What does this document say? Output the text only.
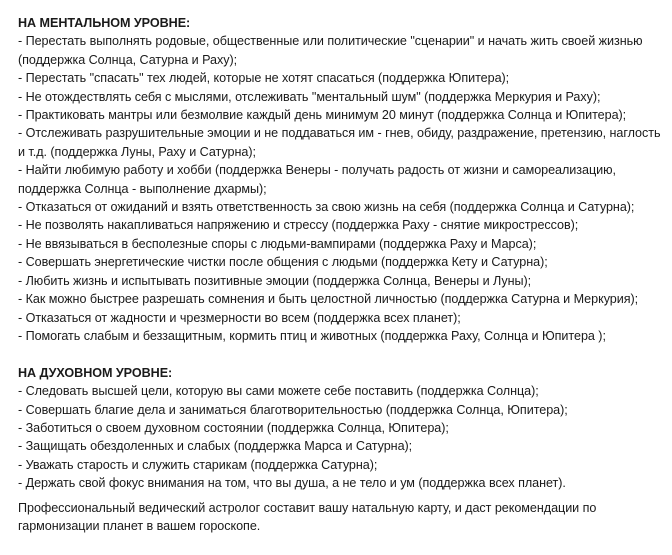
НА МЕНТАЛЬНОМ УРОВНЕ:

- Перестать выполнять родовые, общественные или политические "сценарии" и начать жить своей жизнью (поддержка Солнца, Сатурна и Раху);
- Перестать "спасать" тех людей, которые не хотят спасаться (поддержка Юпитера);
- Не отождествлять себя с мыслями, отслеживать "ментальный шум" (поддержка Меркурия и Раху);
- Практиковать мантры или безмолвие каждый день минимум 20 минут (поддержка Солнца и Юпитера);
- Отслеживать разрушительные эмоции и не поддаваться им - гнев, обиду, раздражение, претензию, наглость и т.д. (поддержка Луны, Раху и Сатурна);
- Найти любимую работу и хобби (поддержка Венеры - получать радость от жизни и самореализацию, поддержка Солнца - выполнение дхармы);
- Отказаться от ожиданий и взять ответственность за свою жизнь на себя (поддержка Солнца и Сатурна);
- Не позволять накапливаться напряжению и стрессу (поддержка Раху - снятие микрострессов);
- Не ввязываться в бесполезные споры с людьми-вампирами (поддержка Раху и Марса);
- Совершать энергетические чистки после общения с людьми (поддержка Кету и Сатурна);
- Любить жизнь и испытывать позитивные эмоции (поддержка Солнца, Венеры и Луны);
- Как можно быстрее разрешать сомнения и быть целостной личностью (поддержка Сатурна и Меркурия);
- Отказаться от жадности и чрезмерности во всем (поддержка всех планет);
- Помогать слабым и беззащитным, кормить птиц и животных (поддержка Раху, Солнца и Юпитера );

НА ДУХОВНОМ УРОВНЕ:

- Следовать высшей цели, которую вы сами можете себе поставить (поддержка Солнца);
- Совершать благие дела и заниматься благотворительностью (поддержка Солнца, Юпитера);
- Заботиться о своем духовном состоянии (поддержка Солнца, Юпитера);
- Защищать обездоленных и слабых (поддержка Марса и Сатурна);
- Уважать старость и служить старикам (поддержка Сатурна);
- Держать свой фокус внимания на том, что вы душа, а не тело и ум (поддержка всех планет).

Профессиональный ведический астролог составит вашу натальную карту, и даст рекомендации по гармонизации планет в вашем гороскопе.
